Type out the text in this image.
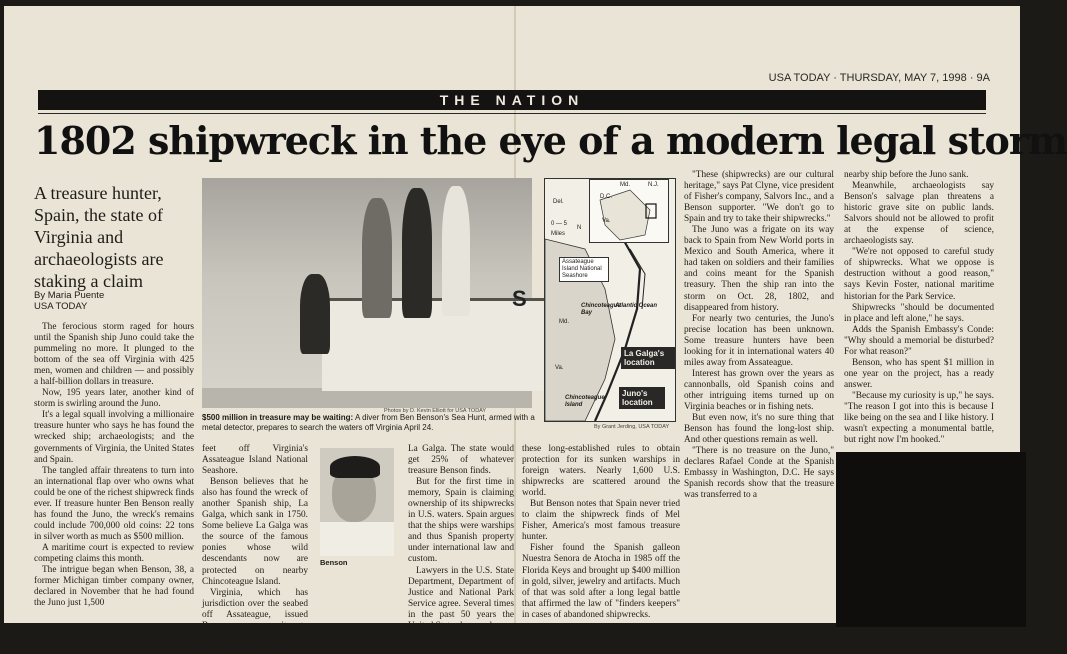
USA TODAY · THURSDAY, MAY 7, 1998 · 9A
THE NATION
1802 shipwreck in the eye of a modern legal storm
A treasure hunter, Spain, the state of Virginia and archaeologists are staking a claim
By Maria Puente
USA TODAY

The ferocious storm raged for hours until the Spanish ship Juno could take the pummeling no more. It plunged to the bottom of the sea off Virginia with 425 men, women and children — and possibly a half-billion dollars in treasure.

Now, 195 years later, another kind of storm is swirling around the Juno.

It's a legal squall involving a millionaire treasure hunter who says he has found the wrecked ship; archaeologists; and the governments of Virginia, the United States and Spain.

The tangled affair threatens to turn into an international flap over who owns what could be one of the richest shipwreck finds ever. If treasure hunter Ben Benson really has found the Juno, the wreck's remains could include 700,000 old coins: 22 tons in silver worth as much as $500 million.

A maritime court is expected to review competing claims this month.

The intrigue began when Benson, 38, a former Michigan timber company owner, declared in November that he had found the Juno just 1,500

S
Photos by D. Kevin Elliott for USA TODAY
$500 million in treasure may be waiting: A diver from Ben Benson's Sea Hunt, armed with a metal detector, prepares to search the waters off Virginia April 24.
Md.	N.J.
D.C.
Va.
Del.
0 — 5
Miles
N
Assateague Island National Seashore
Atlantic Ocean
Chincoteague Bay
Md.
Va.
La Galga's location
Juno's location
Chincoteague Island
By Grant Jerding, USA TODAY

feet off Virginia's Assateague Island National Seashore.

Benson believes that he also has found the wreck of another Spanish ship, La Galga, which sank in 1750. Some believe La Galga was the source of the famous ponies whose wild descendants now are protected on nearby Chincoteague Island.

Virginia, which has jurisdiction over the seabed off Assateague, issued Benson a permit to determine whether the wrecks are the Juno and

Benson

La Galga. The state would get 25% of whatever treasure Benson finds.

But for the first time in memory, Spain is claiming ownership of its shipwrecks in U.S. waters. Spain argues that the ships were warships and thus Spanish property under international law and custom.

Lawyers in the U.S. State Department, Department of Justice and National Park Service agree. Several times in the past 50 years the United States has used

these long-established rules to obtain protection for its sunken warships in foreign waters. Nearly 1,600 U.S. shipwrecks are scattered around the world.

But Benson notes that Spain never tried to claim the shipwreck finds of Mel Fisher, America's most famous treasure hunter.

Fisher found the Spanish galleon Nuestra Senora de Atocha in 1985 off the Florida Keys and brought up $400 million in gold, silver, jewelry and artifacts. Much of that was sold after a long legal battle that affirmed the law of "finders keepers" in cases of abandoned shipwrecks.

"These (shipwrecks) are our cultural heritage," says Pat Clyne, vice president of Fisher's company, Salvors Inc., and a Benson supporter. "We don't go to Spain and try to take their shipwrecks."

The Juno was a frigate on its way back to Spain from New World ports in Mexico and South America, where it had taken on soldiers and their families and coins meant for the Spanish treasury. Then the ship ran into the storm on Oct. 28, 1802, and disappeared from history.

For nearly two centuries, the Juno's precise location has been unknown. Some treasure hunters have been looking for it in international waters 40 miles away from Assateague.

Interest has grown over the years as cannonballs, old Spanish coins and other intriguing items turned up on Virginia beaches or in fishing nets.

But even now, it's no sure thing that Benson has found the long-lost ship. And other questions remain as well.

"There is no treasure on the Juno," declares Rafael Conde at the Spanish Embassy in Washington, D.C. He says Spanish records show that the treasure was transferred to a

nearby ship before the Juno sank.

Meanwhile, archaeologists say Benson's salvage plan threatens a historic grave site on public lands. Salvors should not be allowed to profit at the expense of science, archaeologists say.

"We're not opposed to careful study of shipwrecks. What we oppose is destruction without a good reason," says Kevin Foster, national maritime historian for the Park Service.

Shipwrecks "should be documented in place and left alone," he says.

Adds the Spanish Embassy's Conde: "Why should a memorial be disturbed? For what reason?"

Benson, who has spent $1 million in one year on the project, has a ready answer.

"Because my curiosity is up," he says. "The reason I got into this is because I like being on the sea and I like history. I wasn't expecting a monumental battle, but right now I'm hooked."
